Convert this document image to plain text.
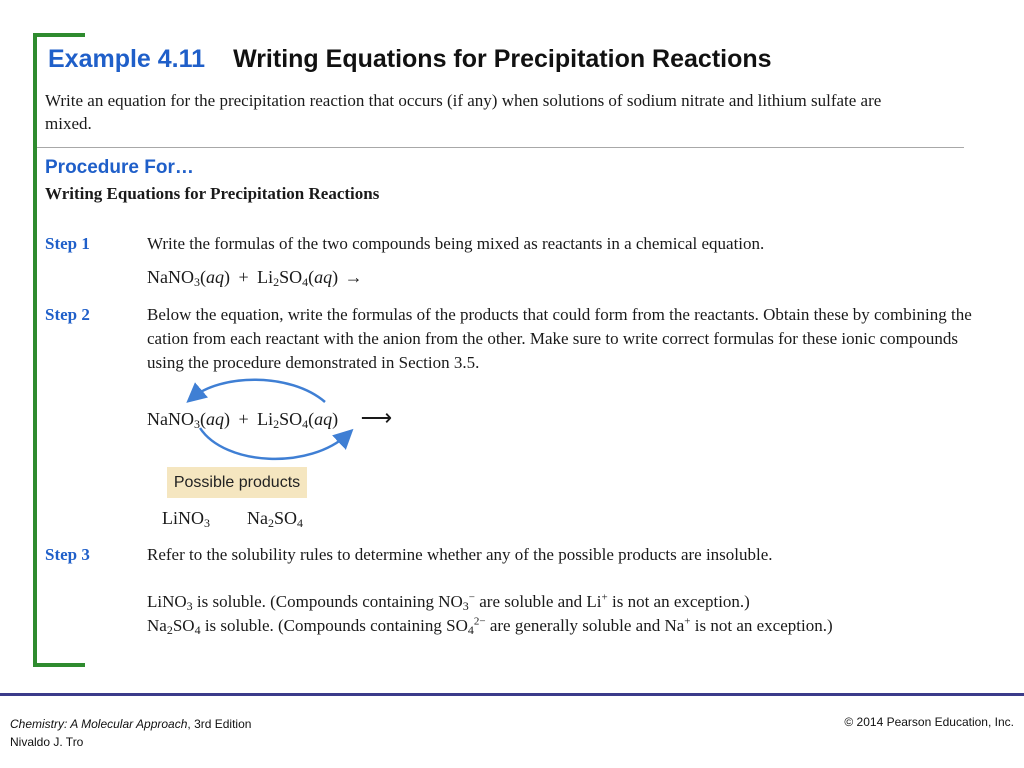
Example 4.11 Writing Equations for Precipitation Reactions
Write an equation for the precipitation reaction that occurs (if any) when solutions of sodium nitrate and lithium sulfate are mixed.
Procedure For…
Writing Equations for Precipitation Reactions
Step 1	Write the formulas of the two compounds being mixed as reactants in a chemical equation.
NaNO$_3$(aq) + $Li_2SO_4(aq)$ →
Step 2	Below the equation, write the formulas of the products that could form from the reactants. Obtain these by combining the cation from each reactant with the anion from the other. Make sure to write correct formulas for these ionic compounds using the procedure demonstrated in Section 3.5.
NaNO$_3$(aq) + $Li_2SO_4(aq)$ ⟶
Possible products
LiNO$_3$ $Na_2SO_4$
Step 3	Refer to the solubility rules to determine whether any of the possible products are insoluble.
LiNO$_3$ is soluble. (Compounds containing $NO_3^-$ are soluble and Li+ is not an exception.)
$Na_2SO_4$ is soluble. (Compounds containing $SO_4^{2-}$ are generally soluble and Na+ is not an exception.)
Chemistry: A Molecular Approach, 3rd Edition
Nivaldo J. Tro
© 2014 Pearson Education, Inc.
